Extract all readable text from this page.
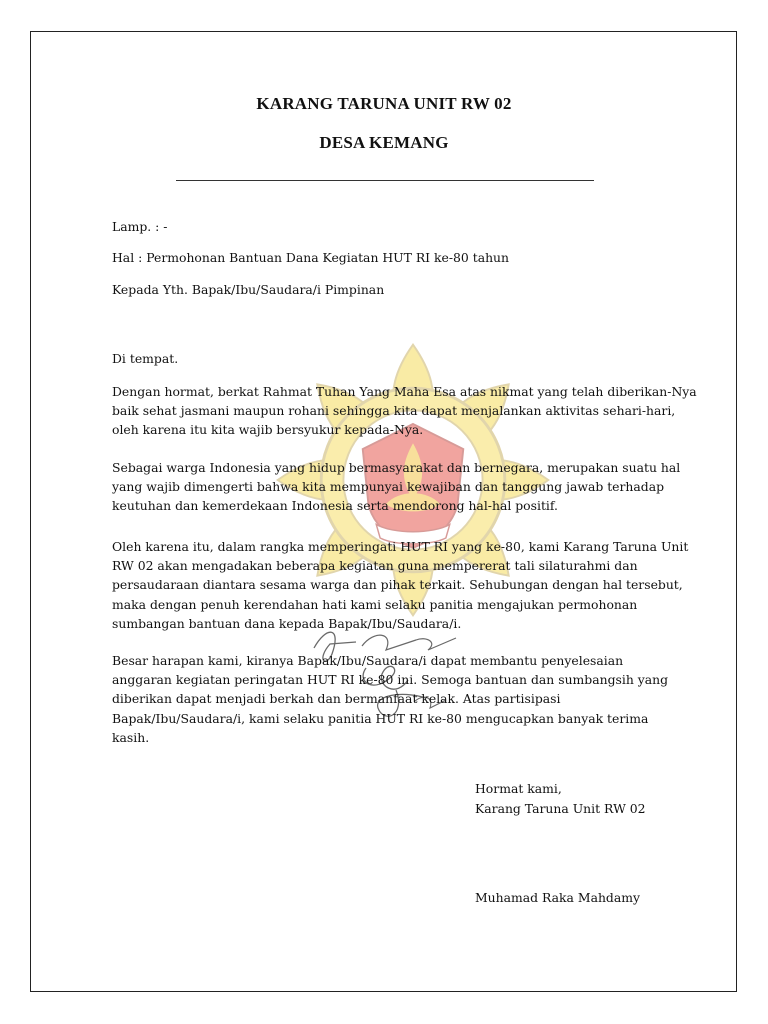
KARANG TARUNA UNIT RW 02
DESA KEMANG
Lamp. : -
Hal : Permohonan Bantuan Dana Kegiatan HUT RI ke-80 tahun
Kepada Yth. Bapak/Ibu/Saudara/i Pimpinan
Di tempat.
Dengan hormat, berkat Rahmat Tuhan Yang Maha Esa atas nikmat yang telah diberikan-Nya
baik sehat jasmani maupun rohani sehingga kita dapat menjalankan aktivitas sehari-hari,
oleh karena itu kita wajib bersyukur kepada-Nya.
Sebagai warga Indonesia yang hidup bermasyarakat dan bernegara, merupakan suatu hal
yang wajib dimengerti bahwa kita mempunyai kewajiban dan tanggung jawab terhadap
keutuhan dan kemerdekaan Indonesia serta mendorong hal-hal positif.
Oleh karena itu, dalam rangka memperingati HUT RI yang ke-80, kami Karang Taruna Unit
RW 02 akan mengadakan beberapa kegiatan guna mempererat tali silaturahmi dan
persaudaraan diantara sesama warga dan pihak terkait. Sehubungan dengan hal tersebut,
maka dengan penuh kerendahan hati kami selaku panitia mengajukan permohonan
sumbangan bantuan dana kepada Bapak/Ibu/Saudara/i.
Besar harapan kami, kiranya Bapak/Ibu/Saudara/i dapat membantu penyelesaian
anggaran kegiatan peringatan HUT RI ke-80 ini. Semoga bantuan dan sumbangsih yang
diberikan dapat menjadi berkah dan bermanfaat kelak. Atas partisipasi
Bapak/Ibu/Saudara/i, kami selaku panitia HUT RI ke-80 mengucapkan banyak terima
kasih.
Hormat kami,
Karang Taruna Unit RW 02
Muhamad Raka Mahdamy
